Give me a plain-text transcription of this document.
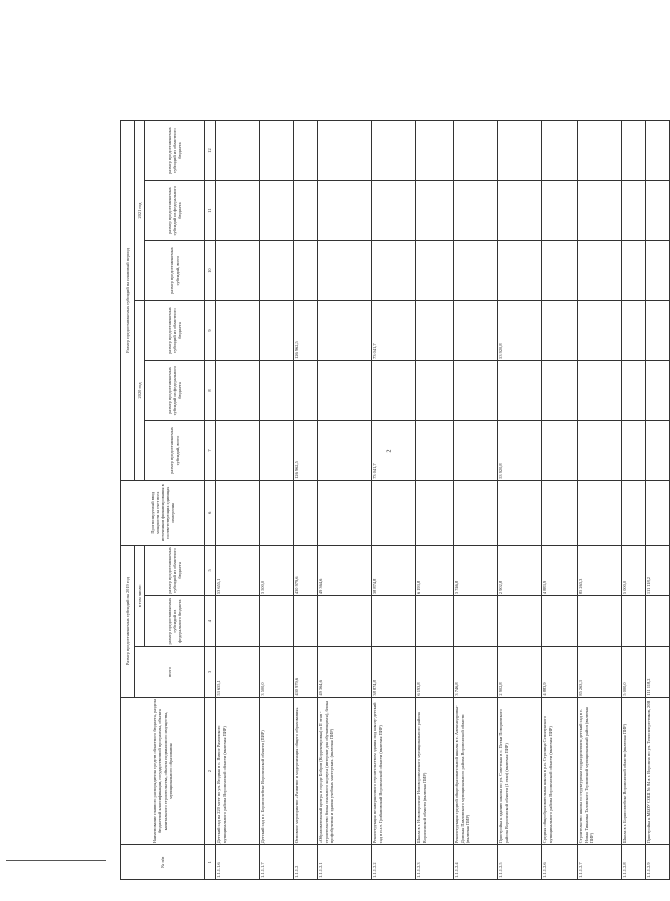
2
№ п/п	Наименование главного распорядителя средств областного бюджета, раздела бюджетной классификации, государственной программы, объекта капитального строительства, объекта недвижимого имущества, муниципального образования	Размер предоставляемых субсидий на 2019 год			Прогнозируемый ввод мощности за счет всех источников финансирования в соответствующих единицах измерения	Размер предоставляемых субсидий на плановый период					
		всего	в том числе:			2020 год			2021 год		
			размер предоставляемых субсидий из федерального бюджета	размер предоставляемых субсидий из областного бюджета		размер предоставляемых субсидий, всего	размер предоставляемых субсидий из федерального бюджета	размер предоставляемых субсидий из областного бюджета	размер предоставляемых субсидий, всего	размер предоставляемых субсидий из федерального бюджета	размер предоставляемых субсидий из областного бюджета

1	2	3	4	5	6	7	8	9	10	11	12
1.1.1.1.6	Детский сад на 220 мест по ул. Ягодная в с. Ямное Рамонского муниципального района Воронежской области (включая ПИР)	53 655,1		53 655,1							
1.1.1.1.7	Детский сад в г. Борисоглебске Воронежской области (ПИР)	3 500,0		3 500,0							
1.1.1.2	Основное мероприятие «Развитие и модернизация общего образования»	430 979,6		430 979,6		126 962,5		126 962,5			
1.1.1.2.1	«Образовательный центр» в городе Бобров (Корректировка) и II этап - строительство блока спального корпуса (интернат для обучающихся), блока профобучения и здания учебных мастерских. (включая ПИР)	49 364,6		49 364,6							
1.1.1.2.2	Реконструкция незавершенного строительством здания под школу-детский сад в п.г.т. Грибановский Воронежской области (включая ПИР)	38 874,8		38 874,8		73 041,7		73 041,7			
1.1.1.2.3	Школа в г. Нововоронеже Нововоронежского муниципального района Воронежской области (включая ПИР)	6 193,8		6 193,8							
1.1.1.2.4	Реконструкция средней общеобразовательной школы в с. Александровка-Донская Павловского муниципального района Воронежской области (включая ПИР)	3 746,8		3 746,8							
1.1.1.2.5	Пристройка к зданию школы по ул. Советская в с. Пески Поворинского района Воронежской области (1 этап) (включая ПИР)	2 902,8		2 902,8		53 920,8		53 920,8			
1.1.1.2.6	Средняя общеобразовательная школа в р.п. Стрелица Семилукского муниципального района Воронежской области (включая ПИР)	4 883,9		4 883,9							
1.1.1.2.7	Строительство школы со структурным подразделением детский сад в с. Новая Тишанка Таловского Терновский муниципальный район (включая ПИР)	85 263,3		85 263,3							
1.1.1.2.8	Школа в г. Борисоглебске Воронежской области (включая ПИР)	5 000,0		5 000,0							
1.1.1.2.9	Пристройка к МБОУ СОШ № 84 в г. Воронеж по ул. Теплоэнергетиков, 20В	111 118,2		111 118,2							
